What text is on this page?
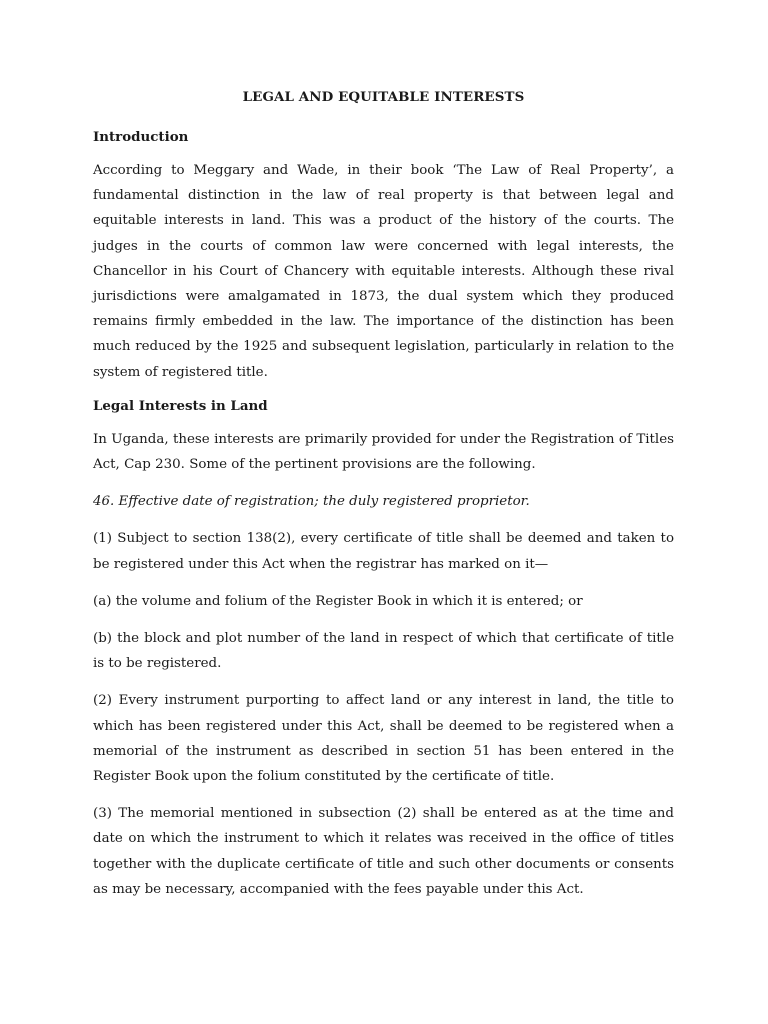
LEGAL AND EQUITABLE INTERESTS
Introduction

According to Meggary and Wade, in their book ‘The Law of Real Property’, a fundamental distinction in the law of real property is that between legal and equitable interests in land. This was a product of the history of the courts. The judges in the courts of common law were concerned with legal interests, the Chancellor in his Court of Chancery with equitable interests. Although these rival jurisdictions were amalgamated in 1873, the dual system which they produced remains firmly embedded in the law. The importance of the distinction has been much reduced by the 1925 and subsequent legislation, particularly in relation to the system of registered title.

Legal Interests in Land

In Uganda, these interests are primarily provided for under the Registration of Titles Act, Cap 230. Some of the pertinent provisions are the following.

46. Effective date of registration; the duly registered proprietor.

(1) Subject to section 138(2), every certificate of title shall be deemed and taken to be registered under this Act when the registrar has marked on it—

(a) the volume and folium of the Register Book in which it is entered; or

(b) the block and plot number of the land in respect of which that certificate of title is to be registered.

(2) Every instrument purporting to affect land or any interest in land, the title to which has been registered under this Act, shall be deemed to be registered when a memorial of the instrument as described in section 51 has been entered in the Register Book upon the folium constituted by the certificate of title.

(3) The memorial mentioned in subsection (2) shall be entered as at the time and date on which the instrument to which it relates was received in the office of titles together with the duplicate certificate of title and such other documents or consents as may be necessary, accompanied with the fees payable under this Act.
